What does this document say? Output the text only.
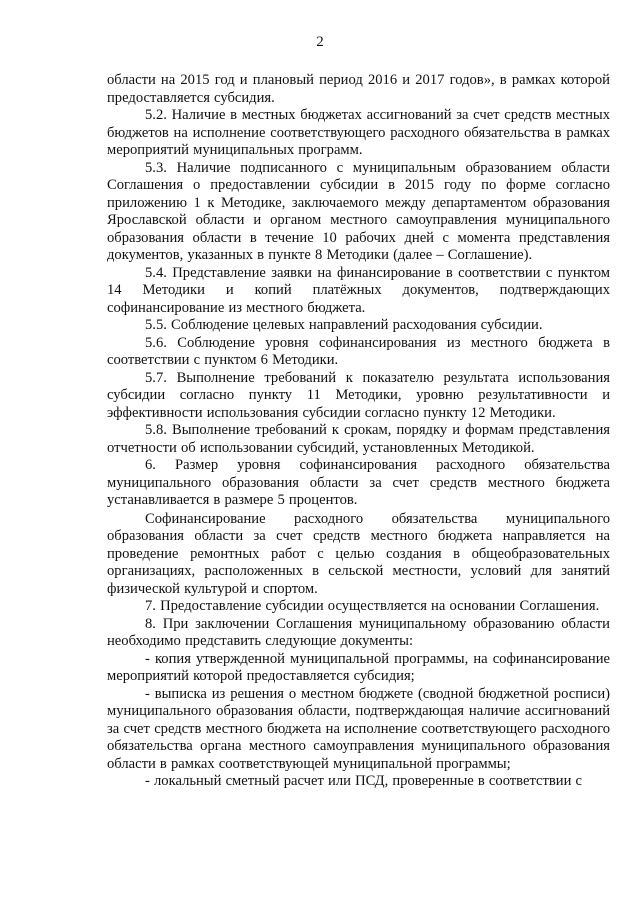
2

области на 2015 год и плановый период 2016 и 2017 годов», в рамках которой предоставляется субсидия.

5.2. Наличие в местных бюджетах ассигнований за счет средств местных бюджетов на исполнение соответствующего расходного обязательства в рамках мероприятий муниципальных программ.

5.3. Наличие подписанного с муниципальным образованием области Соглашения о предоставлении субсидии в 2015 году по форме согласно приложению 1 к Методике, заключаемого между департаментом образования Ярославской области и органом местного самоуправления муниципального образования области в течение 10 рабочих дней с момента представления документов, указанных в пункте 8 Методики (далее – Соглашение).

5.4. Представление заявки на финансирование в соответствии с пунктом 14 Методики и копий платёжных документов, подтверждающих софинансирование из местного бюджета.

5.5. Соблюдение целевых направлений расходования субсидии.

5.6. Соблюдение уровня софинансирования из местного бюджета в соответствии с пунктом 6 Методики.

5.7. Выполнение требований к показателю результата использования субсидии согласно пункту 11 Методики, уровню результативности и эффективности использования субсидии согласно пункту 12 Методики.

5.8. Выполнение требований к срокам, порядку и формам представления отчетности об использовании субсидий, установленных Методикой.

6. Размер уровня софинансирования расходного обязательства муниципального образования области за счет средств местного бюджета устанавливается в размере 5 процентов.

Софинансирование расходного обязательства муниципального образования области за счет средств местного бюджета направляется на проведение ремонтных работ с целью создания в общеобразовательных организациях, расположенных в сельской местности, условий для занятий физической культурой и спортом.

7. Предоставление субсидии осуществляется на основании Соглашения.

8. При заключении Соглашения муниципальному образованию области необходимо представить следующие документы:

- копия утвержденной муниципальной программы, на софинансирование мероприятий которой предоставляется субсидия;

- выписка из решения о местном бюджете (сводной бюджетной росписи) муниципального образования области, подтверждающая наличие ассигнований за счет средств местного бюджета на исполнение соответствующего расходного обязательства органа местного самоуправления муниципального образования области в рамках соответствующей муниципальной программы;

- локальный сметный расчет или ПСД, проверенные в соответствии с
